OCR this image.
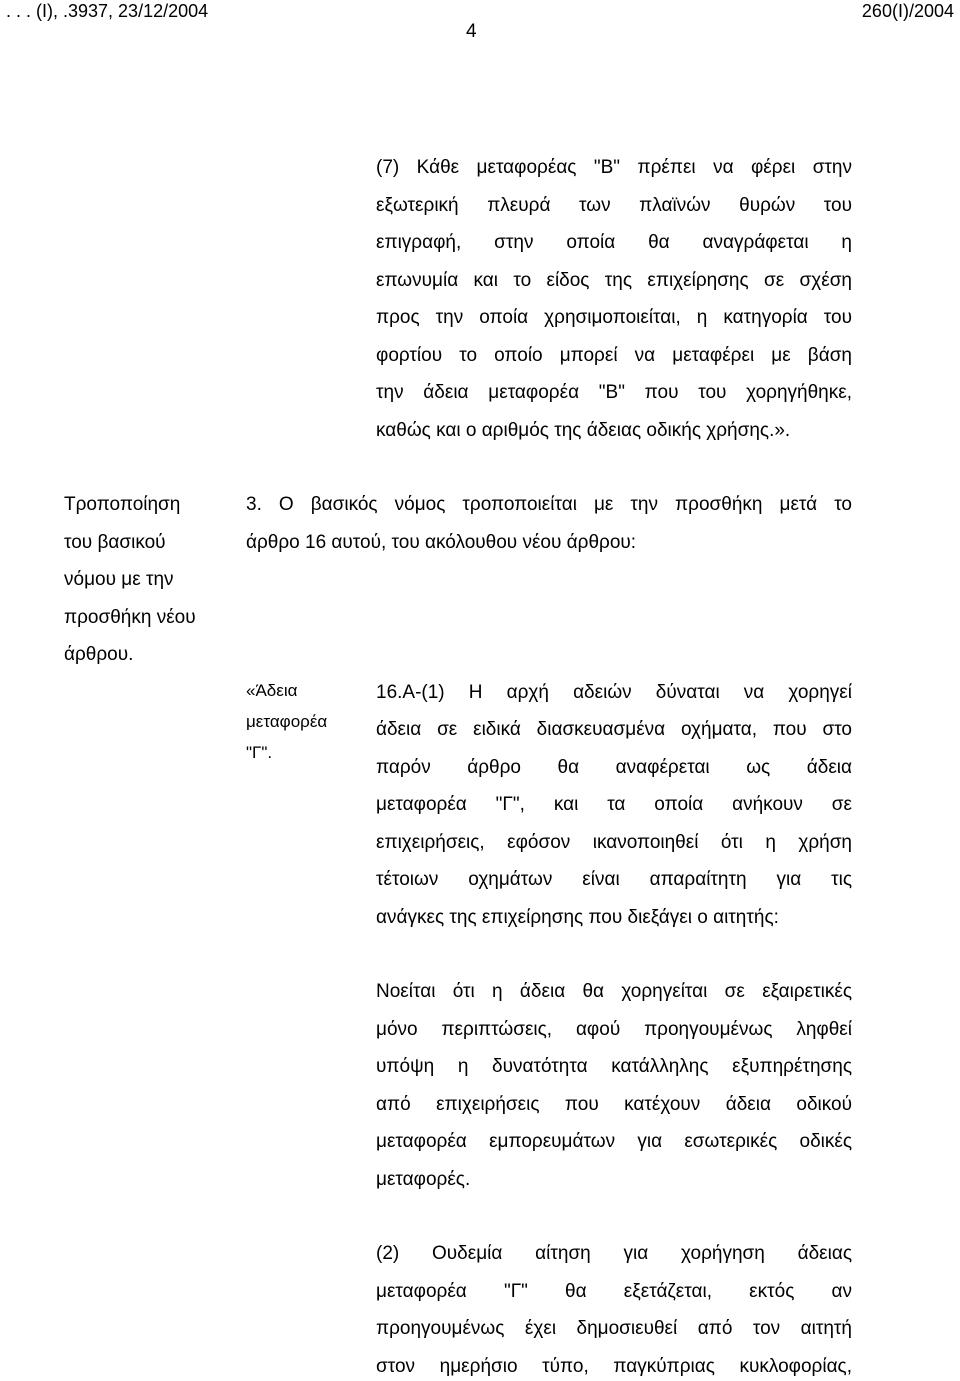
. . . (Ι), .3937, 23/12/2004	260(Ι)/2004
4
(7) Κάθε μεταφορέας "Β" πρέπει να φέρει στην
εξωτερική πλευρά των πλαϊνών θυρών του
επιγραφή, στην οποία θα αναγράφεται η
επωνυμία και το είδος της επιχείρησης σε σχέση
προς την οποία χρησιμοποιείται, η κατηγορία του
φορτίου το οποίο μπορεί να μεταφέρει με βάση
την άδεια μεταφορέα "Β" που του χορηγήθηκε,
καθώς και ο αριθμός της άδειας οδικής χρήσης.».
Τροποποίηση
του βασικού
νόμου με την
προσθήκη νέου
άρθρου.
3. Ο βασικός νόμος τροποποιείται με την προσθήκη μετά το
άρθρο 16 αυτού, του ακόλουθου νέου άρθρου:
«Άδεια
μεταφορέα
"Γ".
16.Α-(1) Η αρχή αδειών δύναται να χορηγεί
άδεια σε ειδικά διασκευασμένα οχήματα, που στο
παρόν άρθρο θα αναφέρεται ως άδεια
μεταφορέα "Γ", και τα οποία ανήκουν σε
επιχειρήσεις, εφόσον ικανοποιηθεί ότι η χρήση
τέτοιων οχημάτων είναι απαραίτητη για τις
ανάγκες της επιχείρησης που διεξάγει ο αιτητής:
Νοείται ότι η άδεια θα χορηγείται σε εξαιρετικές
μόνο περιπτώσεις, αφού προηγουμένως ληφθεί
υπόψη η δυνατότητα κατάλληλης εξυπηρέτησης
από επιχειρήσεις που κατέχουν άδεια οδικού
μεταφορέα εμπορευμάτων για εσωτερικές οδικές
μεταφορές.
(2) Ουδεμία αίτηση για χορήγηση άδειας
μεταφορέα "Γ" θα εξετάζεται, εκτός αν
προηγουμένως έχει δημοσιευθεί από τον αιτητή
στον ημερήσιο τύπο, παγκύπριας κυκλοφορίας,
